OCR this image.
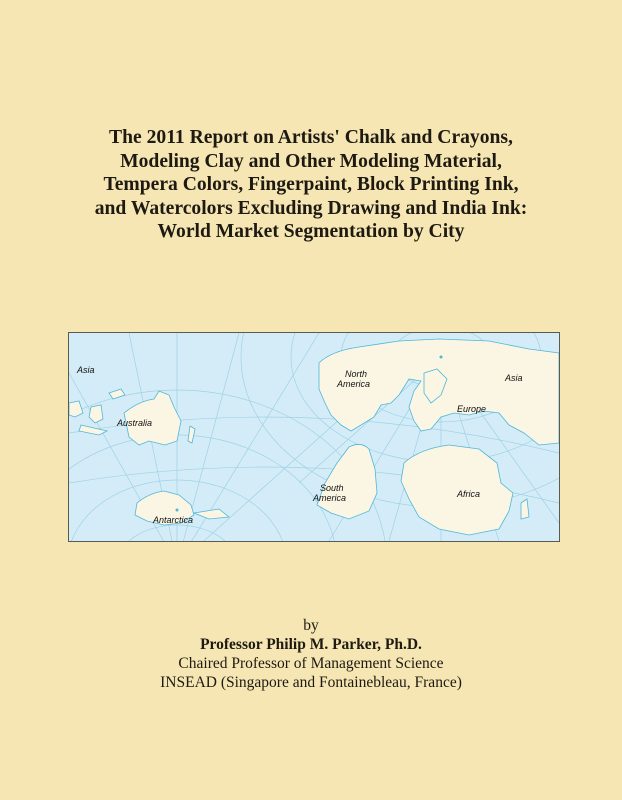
The 2011 Report on Artists' Chalk and Crayons,
Modeling Clay and Other Modeling Material,
Tempera Colors, Fingerpaint, Block Printing Ink,
and Watercolors Excluding Drawing and India Ink:
World Market Segmentation by City
Asia
Australia
Antarctica
North
America
South
America
Asia
Europe
Africa
by
Professor Philip M. Parker, Ph.D.
Chaired Professor of Management Science
INSEAD (Singapore and Fontainebleau, France)
